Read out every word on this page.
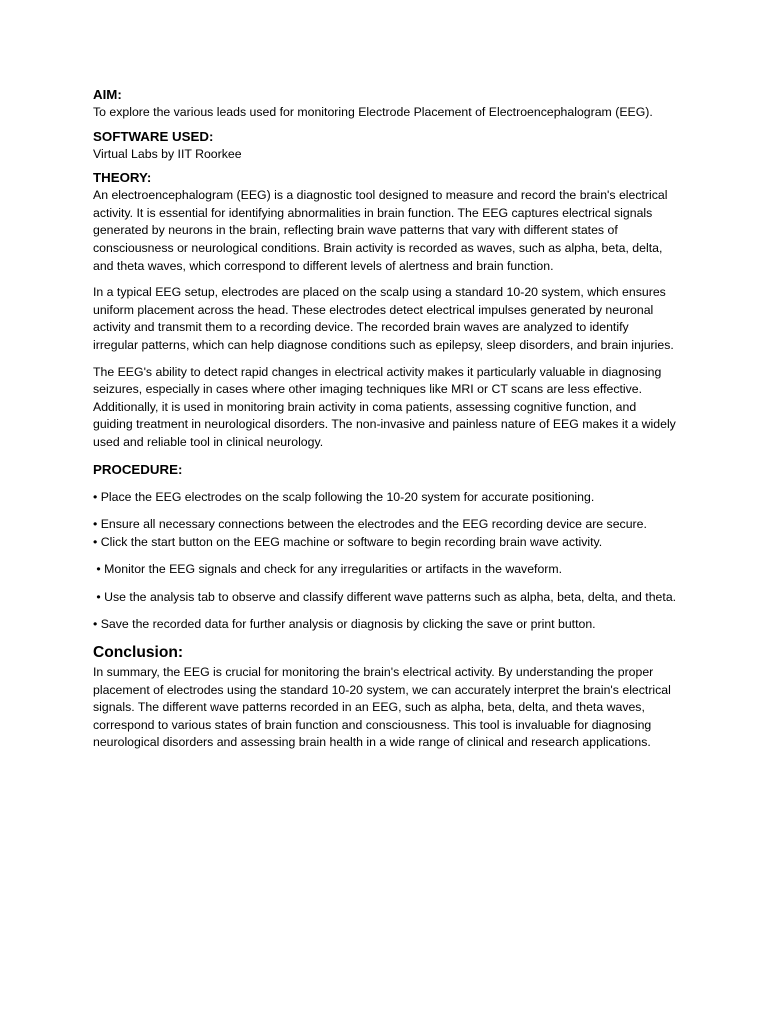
AIM:

To explore the various leads used for monitoring Electrode Placement of Electroencephalogram (EEG).

SOFTWARE USED:

Virtual Labs by IIT Roorkee

THEORY:

An electroencephalogram (EEG) is a diagnostic tool designed to measure and record the brain's electrical activity. It is essential for identifying abnormalities in brain function. The EEG captures electrical signals generated by neurons in the brain, reflecting brain wave patterns that vary with different states of consciousness or neurological conditions. Brain activity is recorded as waves, such as alpha, beta, delta, and theta waves, which correspond to different levels of alertness and brain function.

In a typical EEG setup, electrodes are placed on the scalp using a standard 10-20 system, which ensures uniform placement across the head. These electrodes detect electrical impulses generated by neuronal activity and transmit them to a recording device. The recorded brain waves are analyzed to identify irregular patterns, which can help diagnose conditions such as epilepsy, sleep disorders, and brain injuries.

The EEG's ability to detect rapid changes in electrical activity makes it particularly valuable in diagnosing seizures, especially in cases where other imaging techniques like MRI or CT scans are less effective. Additionally, it is used in monitoring brain activity in coma patients, assessing cognitive function, and guiding treatment in neurological disorders. The non-invasive and painless nature of EEG makes it a widely used and reliable tool in clinical neurology.

PROCEDURE:

• Place the EEG electrodes on the scalp following the 10-20 system for accurate positioning.

• Ensure all necessary connections between the electrodes and the EEG recording device are secure.

• Click the start button on the EEG machine or software to begin recording brain wave activity.

• Monitor the EEG signals and check for any irregularities or artifacts in the waveform.

• Use the analysis tab to observe and classify different wave patterns such as alpha, beta, delta, and theta.

• Save the recorded data for further analysis or diagnosis by clicking the save or print button.

Conclusion:

In summary, the EEG is crucial for monitoring the brain's electrical activity. By understanding the proper placement of electrodes using the standard 10-20 system, we can accurately interpret the brain's electrical signals. The different wave patterns recorded in an EEG, such as alpha, beta, delta, and theta waves, correspond to various states of brain function and consciousness. This tool is invaluable for diagnosing neurological disorders and assessing brain health in a wide range of clinical and research applications.
